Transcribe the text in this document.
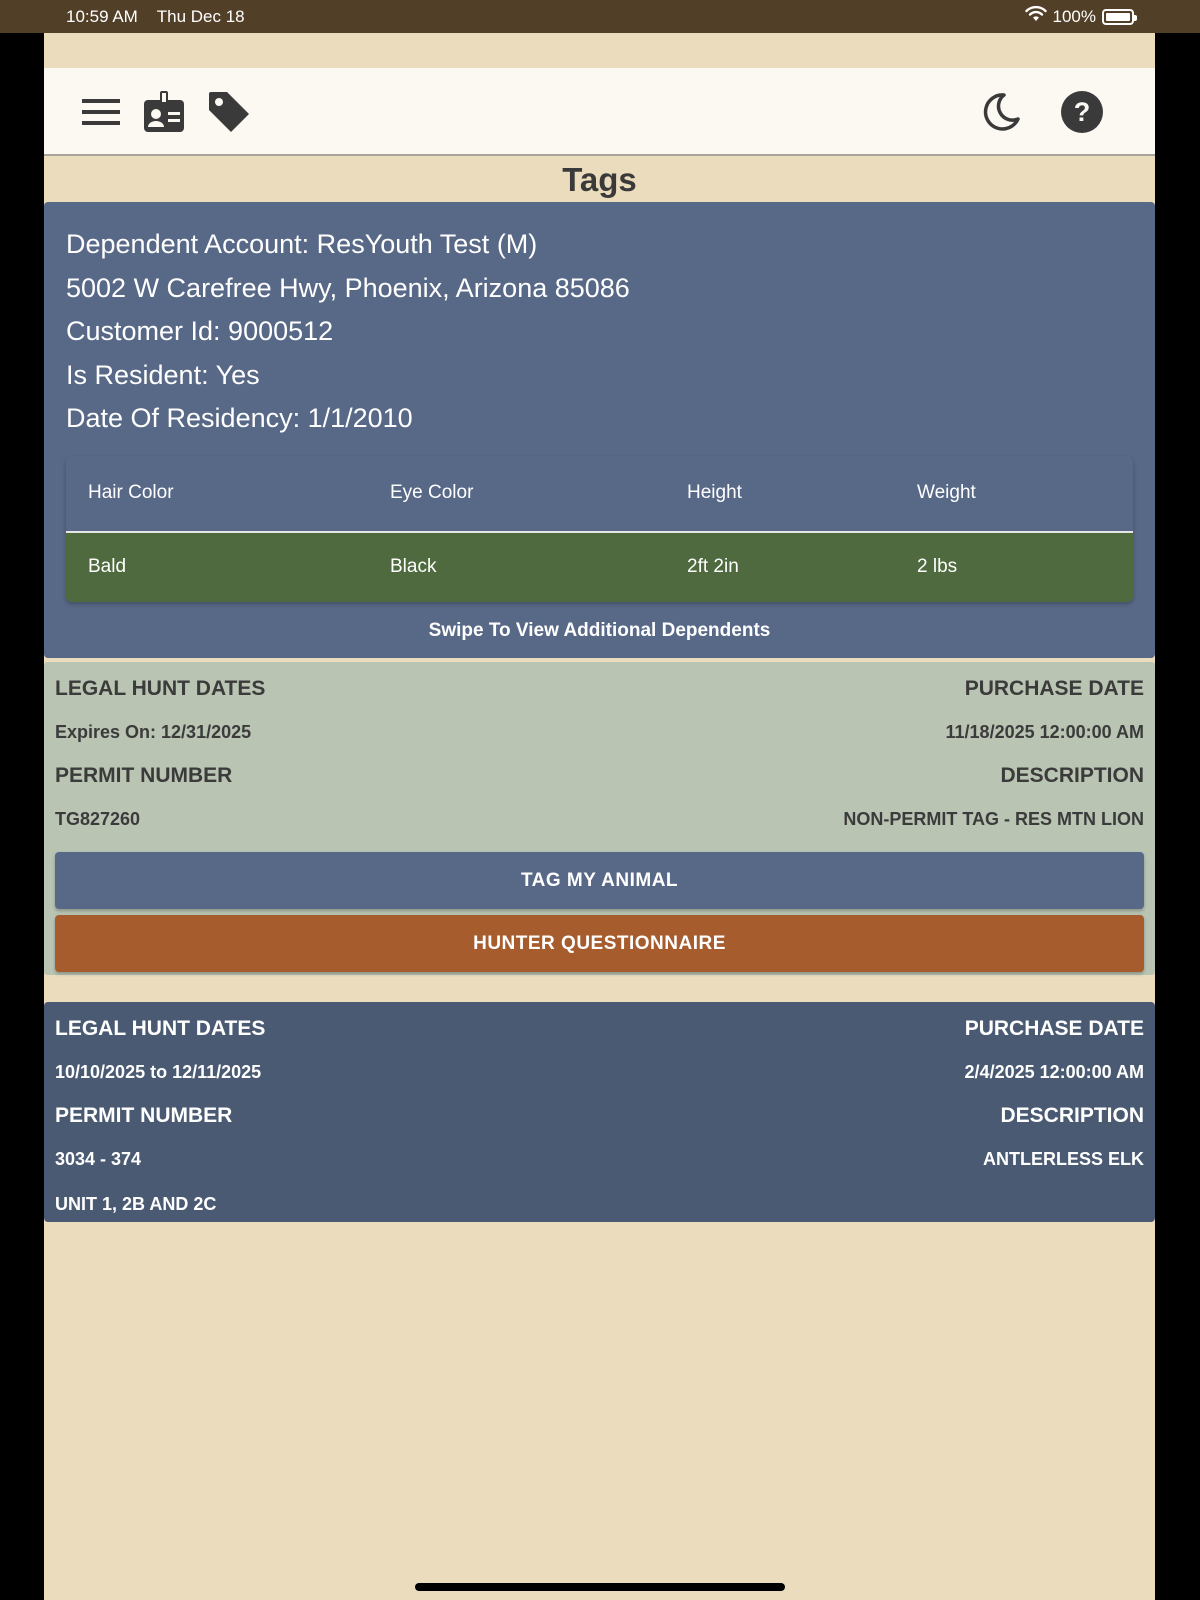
10:59 AM Thu Dec 18	100%
?
Tags
Dependent Account: ResYouth Test (M)
5002 W Carefree Hwy, Phoenix, Arizona 85086
Customer Id: 9000512
Is Resident: Yes
Date Of Residency: 1/1/2010
Hair Color	Eye Color	Height	Weight
Bald	Black	2ft 2in	2 lbs
Swipe To View Additional Dependents
LEGAL HUNT DATES	PURCHASE DATE
Expires On: 12/31/2025	11/18/2025 12:00:00 AM
PERMIT NUMBER	DESCRIPTION
TG827260	NON-PERMIT TAG - RES MTN LION
TAG MY ANIMAL
HUNTER QUESTIONNAIRE
LEGAL HUNT DATES	PURCHASE DATE
10/10/2025 to 12/11/2025	2/4/2025 12:00:00 AM
PERMIT NUMBER	DESCRIPTION
3034 - 374	ANTLERLESS ELK
UNIT 1, 2B AND 2C
